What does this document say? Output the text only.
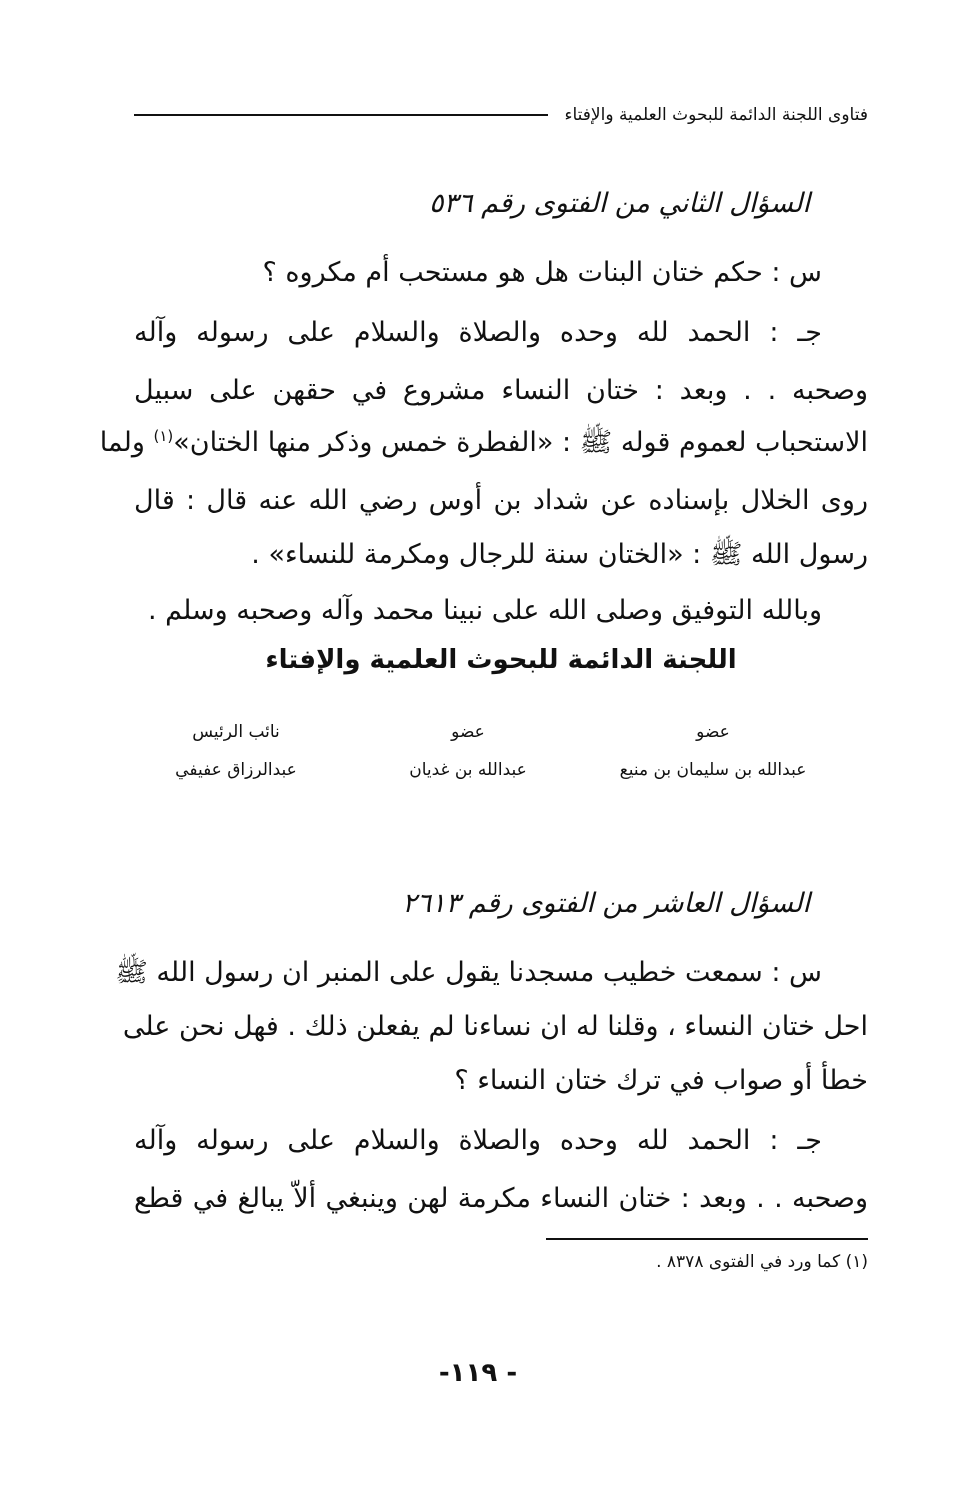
فتاوى اللجنة الدائمة للبحوث العلمية والإفتاء
السؤال الثاني من الفتوى رقم ٥٣٦
س : حكم ختان البنات هل هو مستحب أم مكروه ؟
جـ : الحمد لله وحده والصلاة والسلام على رسوله وآله
وصحبه . . وبعد : ختان النساء مشروع في حقهن على سبيل
الاستحباب لعموم قوله ﷺ : «الفطرة خمس وذكر منها الختان»$^{(١)}$ ولما
روى الخلال بإسناده عن شداد بن أوس رضي الله عنه قال : قال
رسول الله ﷺ : «الختان سنة للرجال ومكرمة للنساء» .
وبالله التوفيق وصلى الله على نبينا محمد وآله وصحبه وسلم .
اللجنة الدائمة للبحوث العلمية والإفتاء
عضو
عبدالله بن سليمان بن منيع
عضو
عبدالله بن غديان
نائب الرئيس
عبدالرزاق عفيفي
السؤال العاشر من الفتوى رقم ٢٦١٣
س : سمعت خطيب مسجدنا يقول على المنبر ان رسول الله ﷺ
احل ختان النساء ، وقلنا له ان نساءنا لم يفعلن ذلك . فهل نحن على
خطأ أو صواب في ترك ختان النساء ؟
جـ : الحمد لله وحده والصلاة والسلام على رسوله وآله
وصحبه . . وبعد : ختان النساء مكرمة لهن وينبغي ألاّ يبالغ في قطع
(١) كما ورد في الفتوى ٨٣٧٨ .
- ١١٩-
